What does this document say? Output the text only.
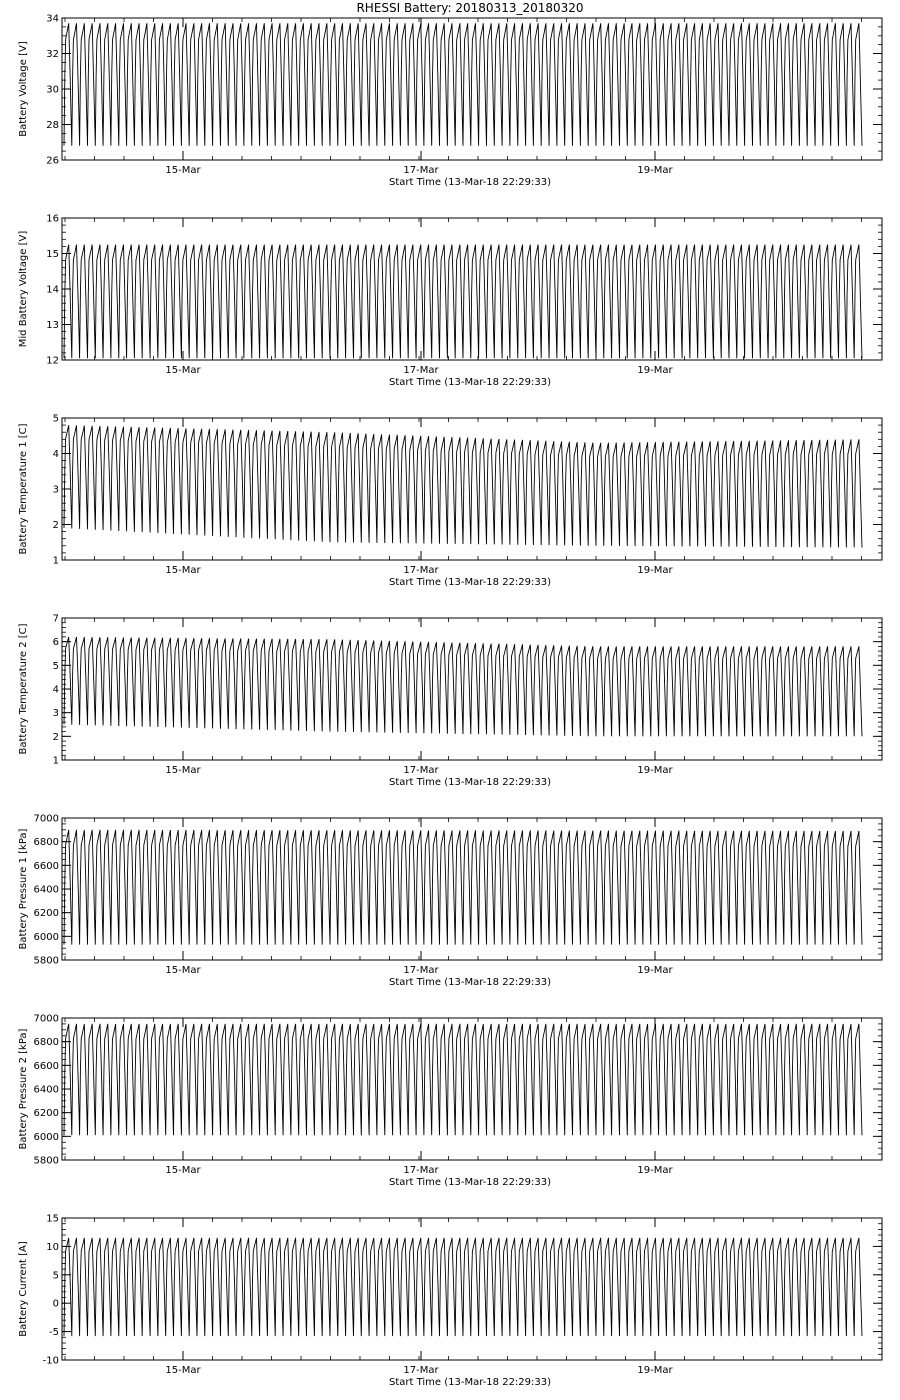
RHESSI Battery: 20180313_20180320
26
28
30
32
34
15-Mar	17-Mar	19-Mar
Start Time (13-Mar-18 22:29:33)
Battery Voltage [V]
12
13
14
15
16
15-Mar	17-Mar	19-Mar
Start Time (13-Mar-18 22:29:33)
Mid Battery Voltage [V]
1
2
3
4
5
15-Mar	17-Mar	19-Mar
Start Time (13-Mar-18 22:29:33)
Battery Temperature 1 [C]
1
2
3
4
5
6
7
15-Mar	17-Mar	19-Mar
Start Time (13-Mar-18 22:29:33)
Battery Temperature 2 [C]
5800
6000
6200
6400
6600
6800
7000
15-Mar	17-Mar	19-Mar
Start Time (13-Mar-18 22:29:33)
Battery Pressure 1 [kPa]
5800
6000
6200
6400
6600
6800
7000
15-Mar	17-Mar	19-Mar
Start Time (13-Mar-18 22:29:33)
Battery Pressure 2 [kPa]
-10
-5
0
5
10
15
15-Mar	17-Mar	19-Mar
Start Time (13-Mar-18 22:29:33)
Battery Current [A]
